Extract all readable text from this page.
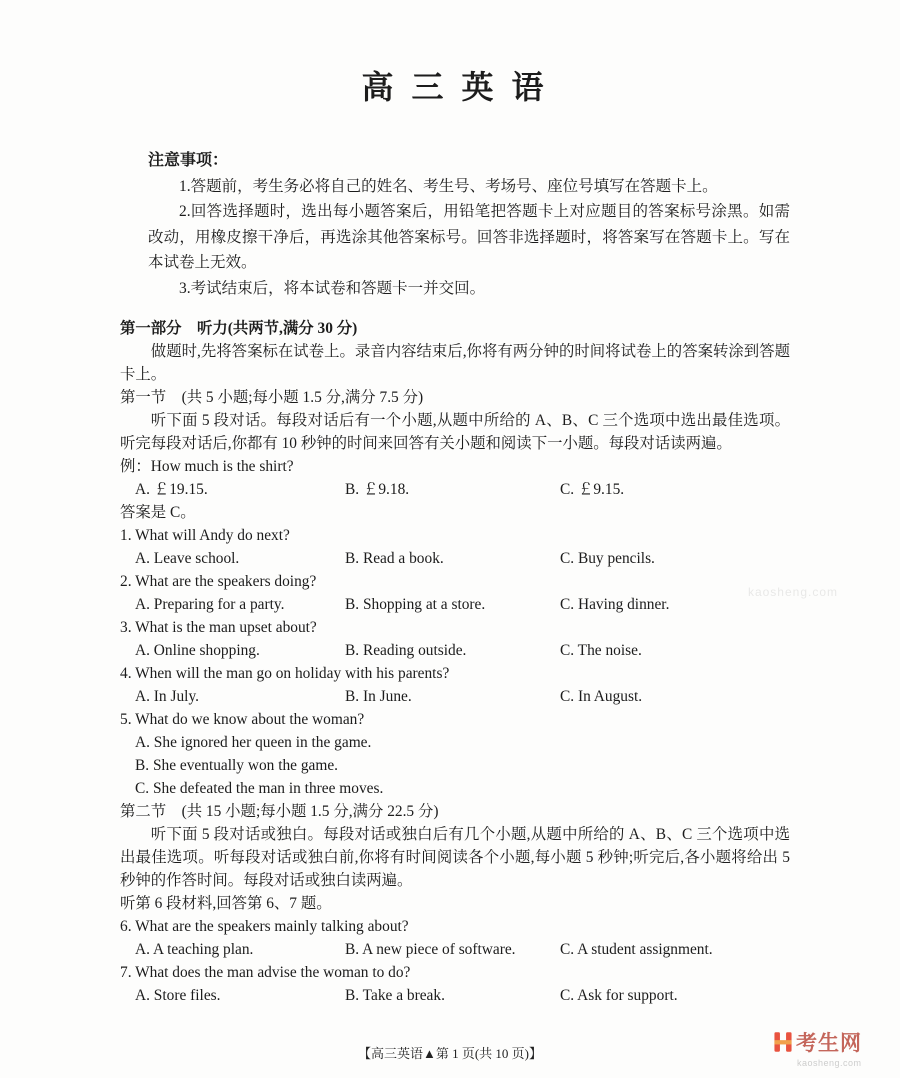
高 三 英 语

注意事项：

1.答题前，考生务必将自己的姓名、考生号、考场号、座位号填写在答题卡上。

2.回答选择题时，选出每小题答案后，用铅笔把答题卡上对应题目的答案标号涂黑。如需改动，用橡皮擦干净后，再选涂其他答案标号。回答非选择题时，将答案写在答题卡上。写在本试卷上无效。

3.考试结束后，将本试卷和答题卡一并交回。

第一部分　听力(共两节,满分 30 分)

做题时,先将答案标在试卷上。录音内容结束后,你将有两分钟的时间将试卷上的答案转涂到答题卡上。

第一节　(共 5 小题;每小题 1.5 分,满分 7.5 分)

听下面 5 段对话。每段对话后有一个小题,从题中所给的 A、B、C 三个选项中选出最佳选项。听完每段对话后,你都有 10 秒钟的时间来回答有关小题和阅读下一小题。每段对话读两遍。

例：How much is the shirt?

A. ￡19.15.	B. ￡9.18.	C. ￡9.15.

答案是 C。

1. What will Andy do next?

A. Leave school.	B. Read a book.	C. Buy pencils.

2. What are the speakers doing?

A. Preparing for a party.	B. Shopping at a store.	C. Having dinner.

3. What is the man upset about?

A. Online shopping.	B. Reading outside.	C. The noise.

4. When will the man go on holiday with his parents?

A. In July.	B. In June.	C. In August.

5. What do we know about the woman?

A. She ignored her queen in the game.

B. She eventually won the game.

C. She defeated the man in three moves.

第二节　(共 15 小题;每小题 1.5 分,满分 22.5 分)

听下面 5 段对话或独白。每段对话或独白后有几个小题,从题中所给的 A、B、C 三个选项中选出最佳选项。听每段对话或独白前,你将有时间阅读各个小题,每小题 5 秒钟;听完后,各小题将给出 5 秒钟的作答时间。每段对话或独白读两遍。

听第 6 段材料,回答第 6、7 题。

6. What are the speakers mainly talking about?

A. A teaching plan.	B. A new piece of software.	C. A student assignment.

7. What does the man advise the woman to do?

A. Store files.	B. Take a break.	C. Ask for support.
【高三英语▲第 1 页(共 10 页)】
kaosheng.com
考生网
kaosheng.com
